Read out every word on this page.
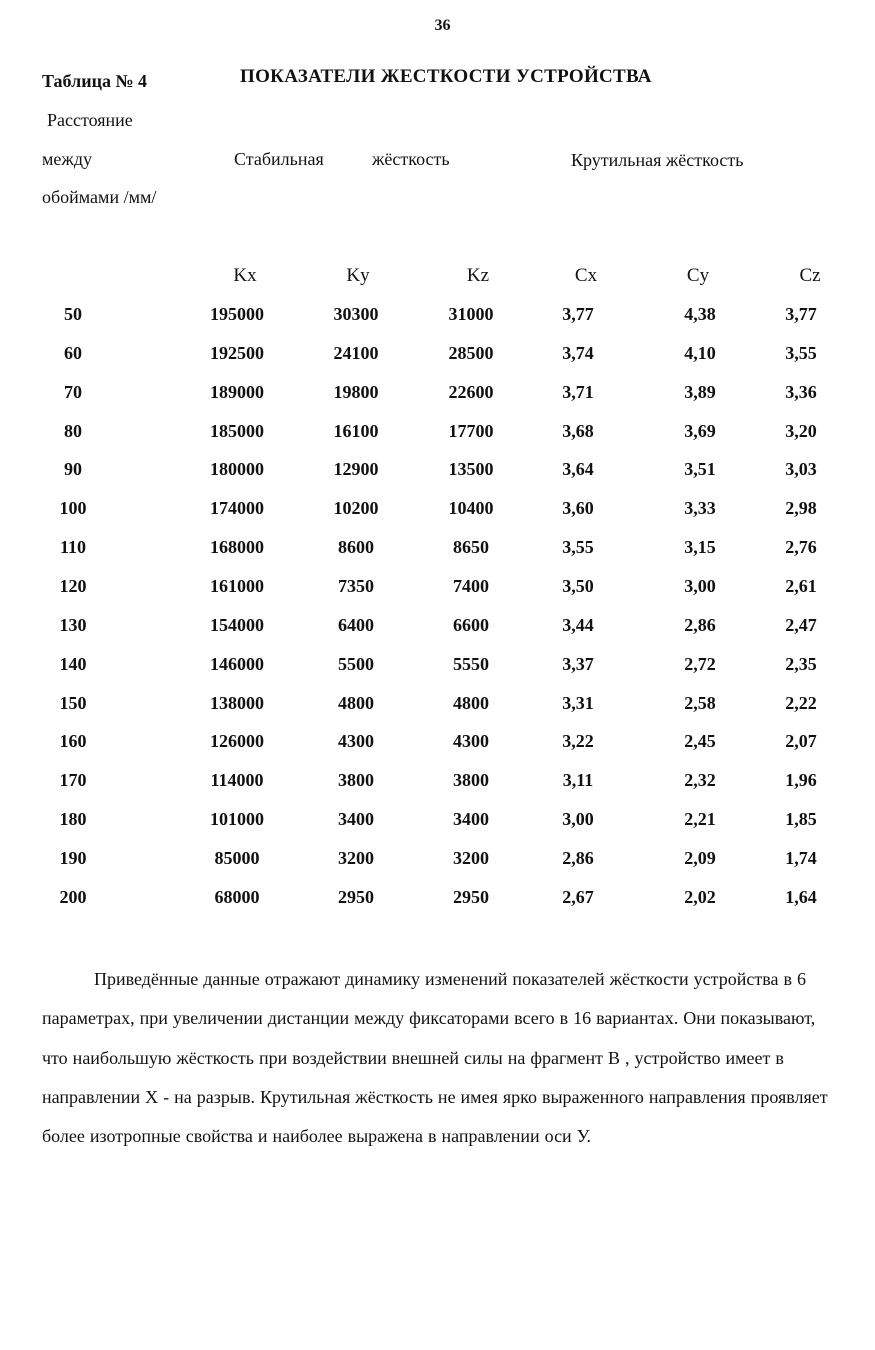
36
Таблица № 4	ПОКАЗАТЕЛИ ЖЕСТКОСТИ УСТРОЙСТВА
Расстояние
между
обоймами /мм/
Стабильная	жёсткость	Крутильная жёсткость
Kx	Ky	Kz	Cx	Cy	Cz
50	195000	30300	31000	3,77	4,38	3,77
60	192500	24100	28500	3,74	4,10	3,55
70	189000	19800	22600	3,71	3,89	3,36
80	185000	16100	17700	3,68	3,69	3,20
90	180000	12900	13500	3,64	3,51	3,03
100	174000	10200	10400	3,60	3,33	2,98
110	168000	8600	8650	3,55	3,15	2,76
120	161000	7350	7400	3,50	3,00	2,61
130	154000	6400	6600	3,44	2,86	2,47
140	146000	5500	5550	3,37	2,72	2,35
150	138000	4800	4800	3,31	2,58	2,22
160	126000	4300	4300	3,22	2,45	2,07
170	114000	3800	3800	3,11	2,32	1,96
180	101000	3400	3400	3,00	2,21	1,85
190	85000	3200	3200	2,86	2,09	1,74
200	68000	2950	2950	2,67	2,02	1,64
Приведённые данные отражают динамику изменений показателей жёсткости устройства в 6 параметрах, при увеличении дистанции между фиксаторами всего в 16 вариантах. Они показывают, что наибольшую жёсткость при воздействии внешней силы на фрагмент В , устройство имеет в направлении Х - на разрыв. Крутильная жёсткость не имея ярко выраженного направления проявляет более изотропные свойства и наиболее выражена в направлении оси У.
